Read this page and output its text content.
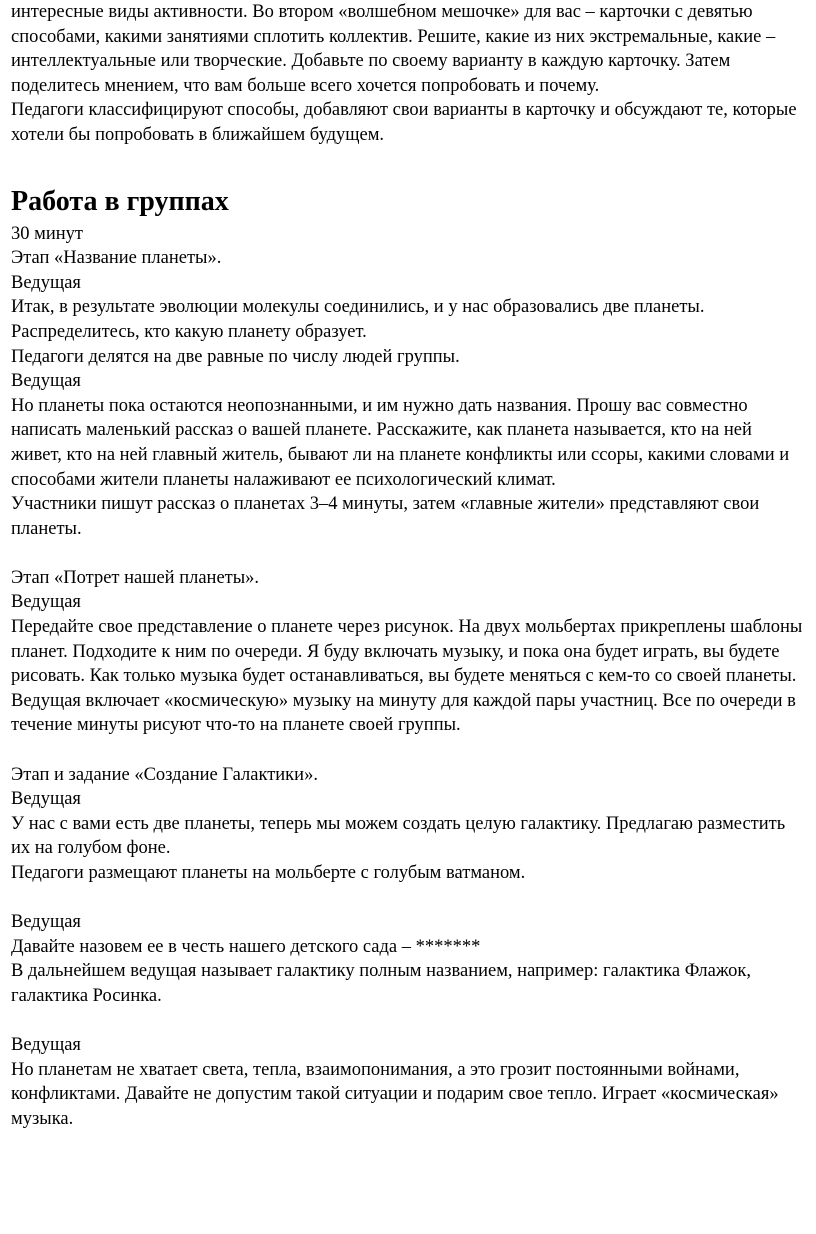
интересные виды активности. Во втором «волшебном мешочке» для вас – карточки с девятью способами, какими занятиями сплотить коллектив. Решите, какие из них экстремальные, какие – интеллектуальные или творческие. Добавьте по своему варианту в каждую карточку. Затем поделитесь мнением, что вам больше всего хочется попробовать и почему.

Педагоги классифицируют способы, добавляют свои варианты в карточку и обсуждают те, которые хотели бы попробовать в ближайшем будущем.

Работа в группах

30 минут

Этап «Название планеты».

Ведущая

Итак, в результате эволюции молекулы соединились, и у нас образовались две планеты. Распределитесь, кто какую планету образует.

Педагоги делятся на две равные по числу людей группы.

Ведущая

Но планеты пока остаются неопознанными, и им нужно дать названия. Прошу вас совместно написать маленький рассказ о вашей планете. Расскажите, как планета называется, кто на ней живет, кто на ней главный житель, бывают ли на планете конфликты или ссоры, какими словами и способами жители планеты налаживают ее психологический климат.

Участники пишут рассказ о планетах 3–4 минуты, затем «главные жители» представляют свои планеты.

Этап «Потрет нашей планеты».

Ведущая

Передайте свое представление о планете через рисунок. На двух мольбертах прикреплены шаблоны планет. Подходите к ним по очереди. Я буду включать музыку, и пока она будет играть, вы будете рисовать. Как только музыка будет останавливаться, вы будете меняться с кем-то со своей планеты.

Ведущая включает «космическую» музыку на минуту для каждой пары участниц. Все по очереди в течение минуты рисуют что-то на планете своей группы.

Этап и задание «Создание Галактики».

Ведущая

У нас с вами есть две планеты, теперь мы можем создать целую галактику. Предлагаю разместить их на голубом фоне.

Педагоги размещают планеты на мольберте с голубым ватманом.

Ведущая

Давайте назовем ее в честь нашего детского сада – *******

В дальнейшем ведущая называет галактику полным названием, например: галактика Флажок, галактика Росинка.

Ведущая

Но планетам не хватает света, тепла, взаимопонимания, а это грозит постоянными войнами, конфликтами. Давайте не допустим такой ситуации и подарим свое тепло. Играет «космическая» музыка.
